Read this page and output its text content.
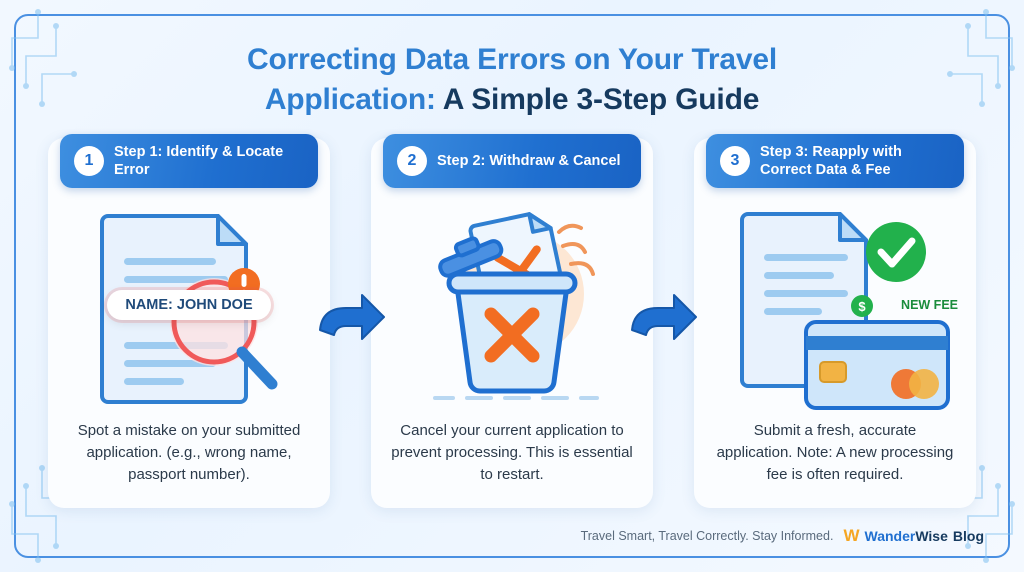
Correcting Data Errors on Your Travel
Application: A Simple 3-Step Guide
1
Step 1: Identify & Locate Error
NAME: JOHN DOE
Spot a mistake on your submitted application. (e.g., wrong name, passport number).
2	Step 2: Withdraw & Cancel
Cancel your current application to prevent processing. This is essential to restart.
3
Step 3: Reapply with Correct Data & Fee
$	NEW FEE
Submit a fresh, accurate application. Note: A new processing fee is often required.
Travel Smart, Travel Correctly. Stay Informed. W WanderWise Blog
